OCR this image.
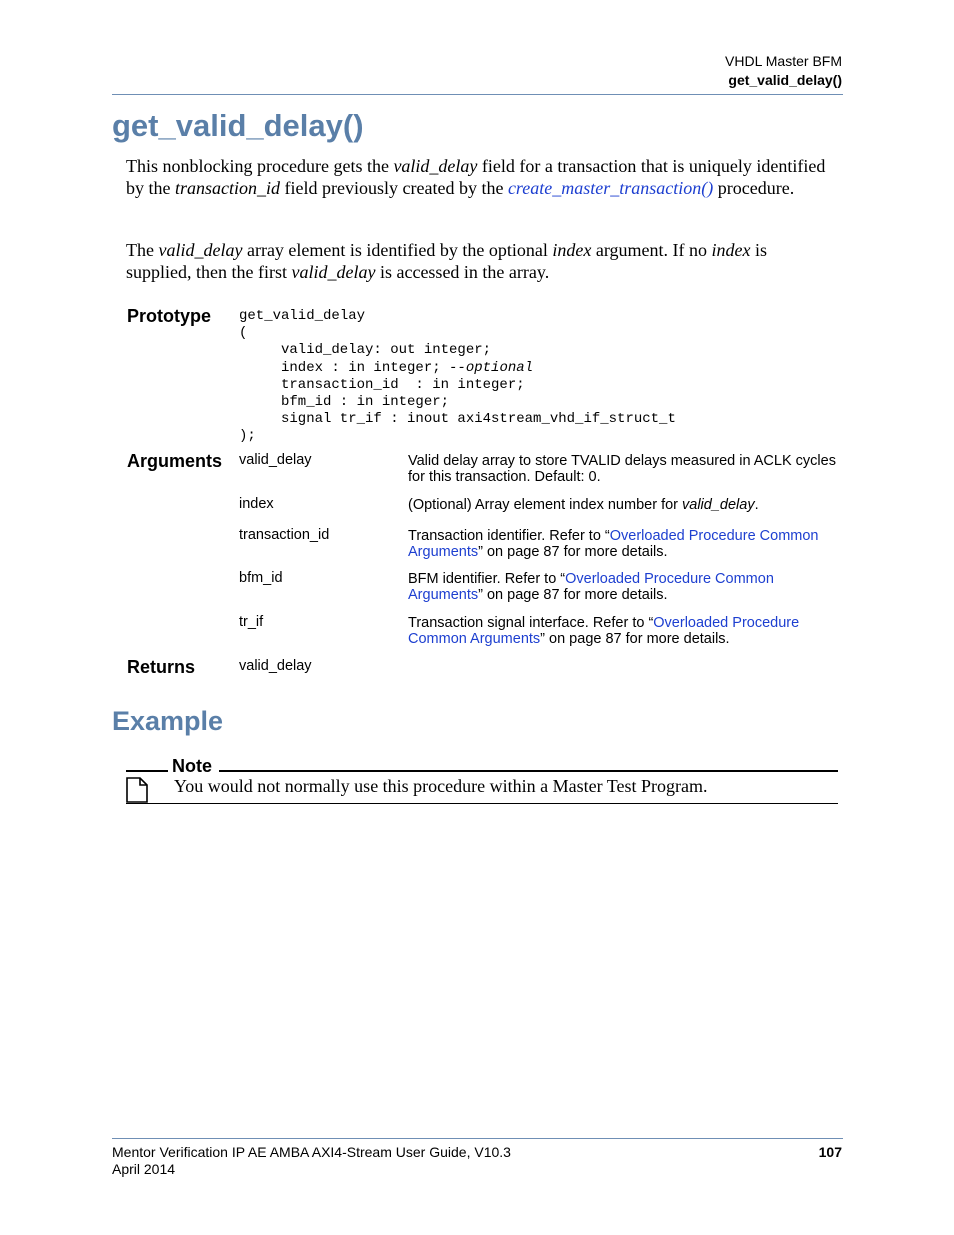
VHDL Master BFM
get_valid_delay()
get_valid_delay()

This nonblocking procedure gets the valid_delay field for a transaction that is uniquely identified by the transaction_id field previously created by the create_master_transaction() procedure.

The valid_delay array element is identified by the optional index argument. If no index is supplied, then the first valid_delay is accessed in the array.

Prototype get_valid_delay
(
valid_delay: out integer;
index : in integer; --optional
transaction_id  : in integer;
bfm_id : in integer;
signal tr_if : inout axi4stream_vhd_if_struct_t
);
Arguments valid_delay	Valid delay array to store TVALID delays measured in ACLK cycles for this transaction. Default: 0.
index	(Optional) Array element index number for valid_delay.
transaction_id	Transaction identifier. Refer to “Overloaded Procedure Common Arguments” on page 87 for more details.
bfm_id	BFM identifier. Refer to “Overloaded Procedure Common Arguments” on page 87 for more details.
tr_if	Transaction signal interface. Refer to “Overloaded Procedure Common Arguments” on page 87 for more details.
Returns	valid_delay
Example
Note
You would not normally use this procedure within a Master Test Program.
Mentor Verification IP AE AMBA AXI4-Stream User Guide, V10.3
April 2014
107
